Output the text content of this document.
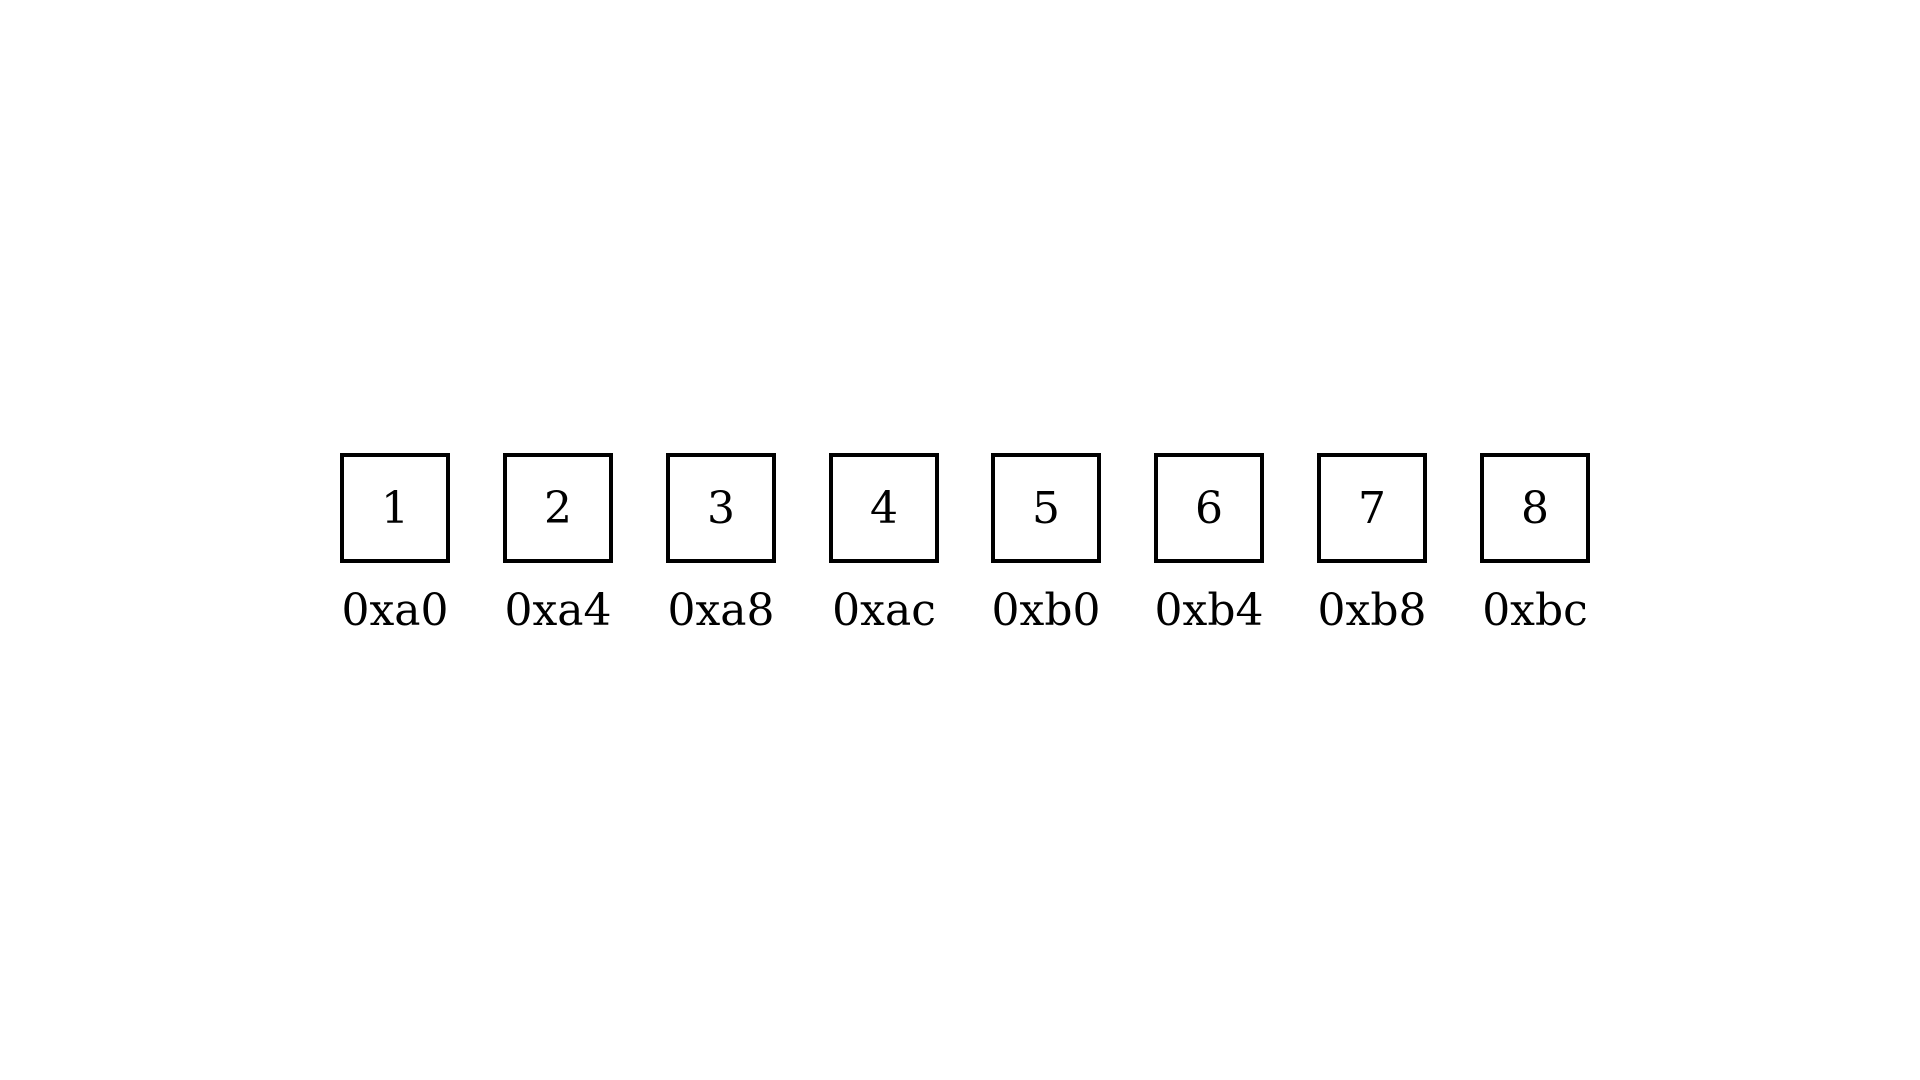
1
0xa0
2
0xa4
3
0xa8
4
0xac
5
0xb0
6
0xb4
7
0xb8
8
0xbc
